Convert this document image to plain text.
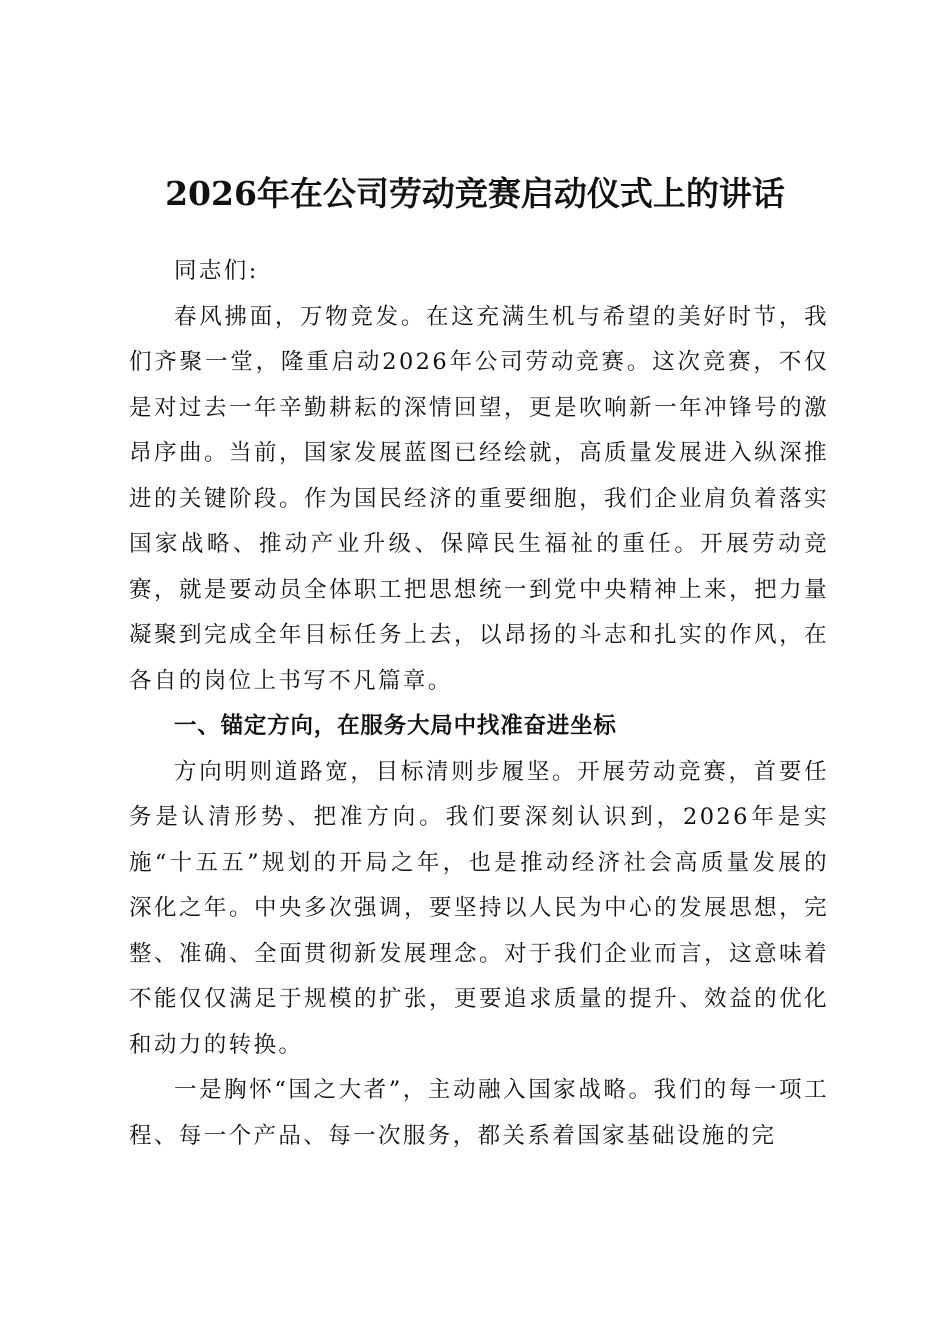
2026年在公司劳动竞赛启动仪式上的讲话

同志们:

春风拂面，万物竞发。在这充满生机与希望的美好时节，我们齐聚一堂，隆重启动2026年公司劳动竞赛。这次竞赛，不仅是对过去一年辛勤耕耘的深情回望，更是吹响新一年冲锋号的激昂序曲。当前，国家发展蓝图已经绘就，高质量发展进入纵深推进的关键阶段。作为国民经济的重要细胞，我们企业肩负着落实国家战略、推动产业升级、保障民生福祉的重任。开展劳动竞赛，就是要动员全体职工把思想统一到党中央精神上来，把力量凝聚到完成全年目标任务上去，以昂扬的斗志和扎实的作风，在各自的岗位上书写不凡篇章。

一、锚定方向，在服务大局中找准奋进坐标

方向明则道路宽，目标清则步履坚。开展劳动竞赛，首要任务是认清形势、把准方向。我们要深刻认识到，2026年是实施“十五五”规划的开局之年，也是推动经济社会高质量发展的深化之年。中央多次强调，要坚持以人民为中心的发展思想，完整、准确、全面贯彻新发展理念。对于我们企业而言，这意味着不能仅仅满足于规模的扩张，更要追求质量的提升、效益的优化和动力的转换。

一是胸怀“国之大者”，主动融入国家战略。我们的每一项工程、每一个产品、每一次服务，都关系着国家基础设施的完
